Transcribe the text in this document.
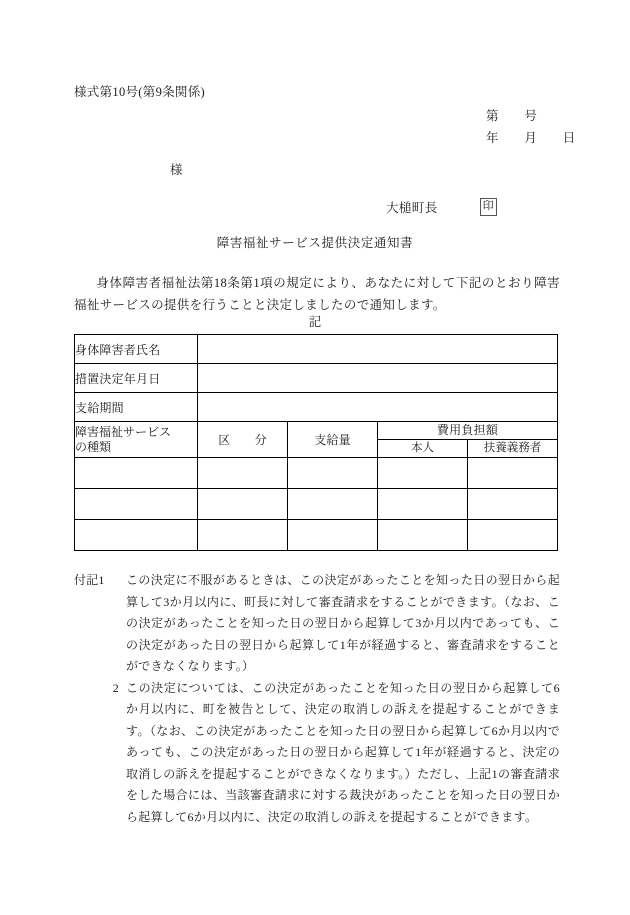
様式第10号(第9条関係)
第　　号
年　　月　　日
様
大槌町長	印
障害福祉サービス提供決定通知書
身体障害者福祉法第18条第1項の規定により、あなたに対して下記のとおり障害福祉サービスの提供を行うことと決定しましたので通知します。
記
身体障害者氏名				
措置決定年月日				
支給期間				

障害福祉サービス
の種類	区　　分	支給量	費用負担額	
			本人	扶養義務者

付記1	この決定に不服があるときは、この決定があったことを知った日の翌日から起算して3か月以内に、町長に対して審査請求をすることができます。（なお、この決定があったことを知った日の翌日から起算して3か月以内であっても、この決定があった日の翌日から起算して1年が経過すると、審査請求をすることができなくなります。）
2 この決定については、この決定があったことを知った日の翌日から起算して6か月以内に、町を被告として、決定の取消しの訴えを提起することができます。（なお、この決定があったことを知った日の翌日から起算して6か月以内であっても、この決定があった日の翌日から起算して1年が経過すると、決定の取消しの訴えを提起することができなくなります。）ただし、上記1の審査請求をした場合には、当該審査請求に対する裁決があったことを知った日の翌日から起算して6か月以内に、決定の取消しの訴えを提起することができます。
